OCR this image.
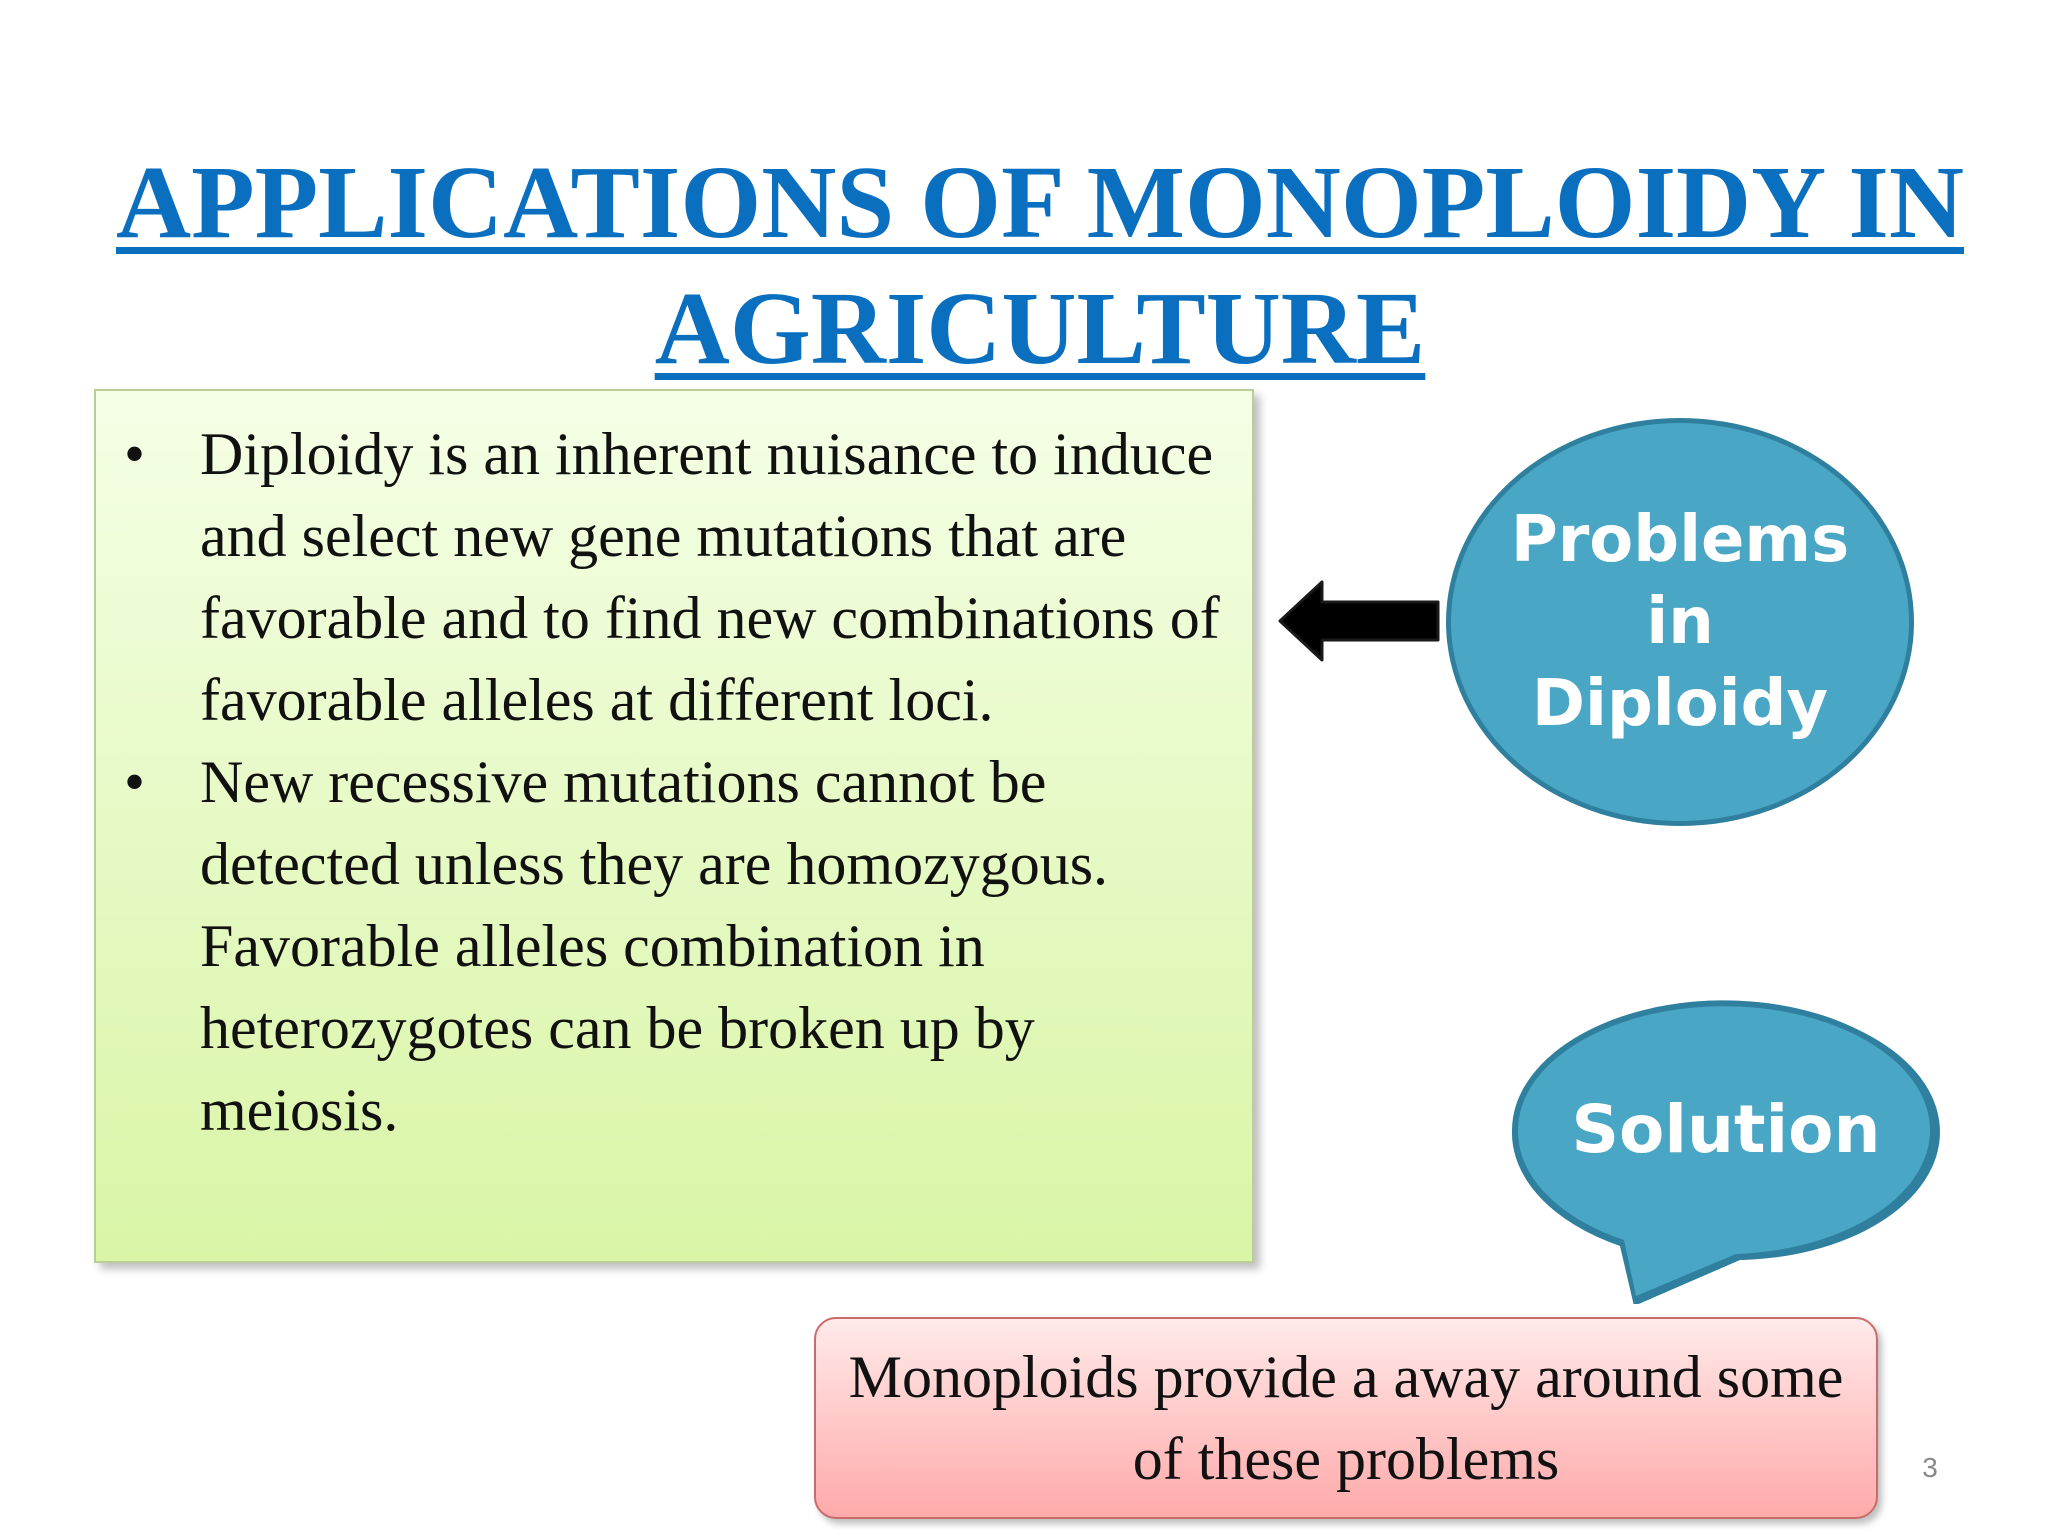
APPLICATIONS OF MONOPLOIDY IN AGRICULTURE
• Diploidy is an inherent nuisance to induce and select new gene mutations that are favorable and to find new combinations of favorable alleles at different loci.
• New recessive mutations cannot be detected unless they are homozygous. Favorable alleles combination in heterozygotes can be broken up by meiosis.
Problems
in
Diploidy
Solution
Monoploids provide a away around some of these problems	3
